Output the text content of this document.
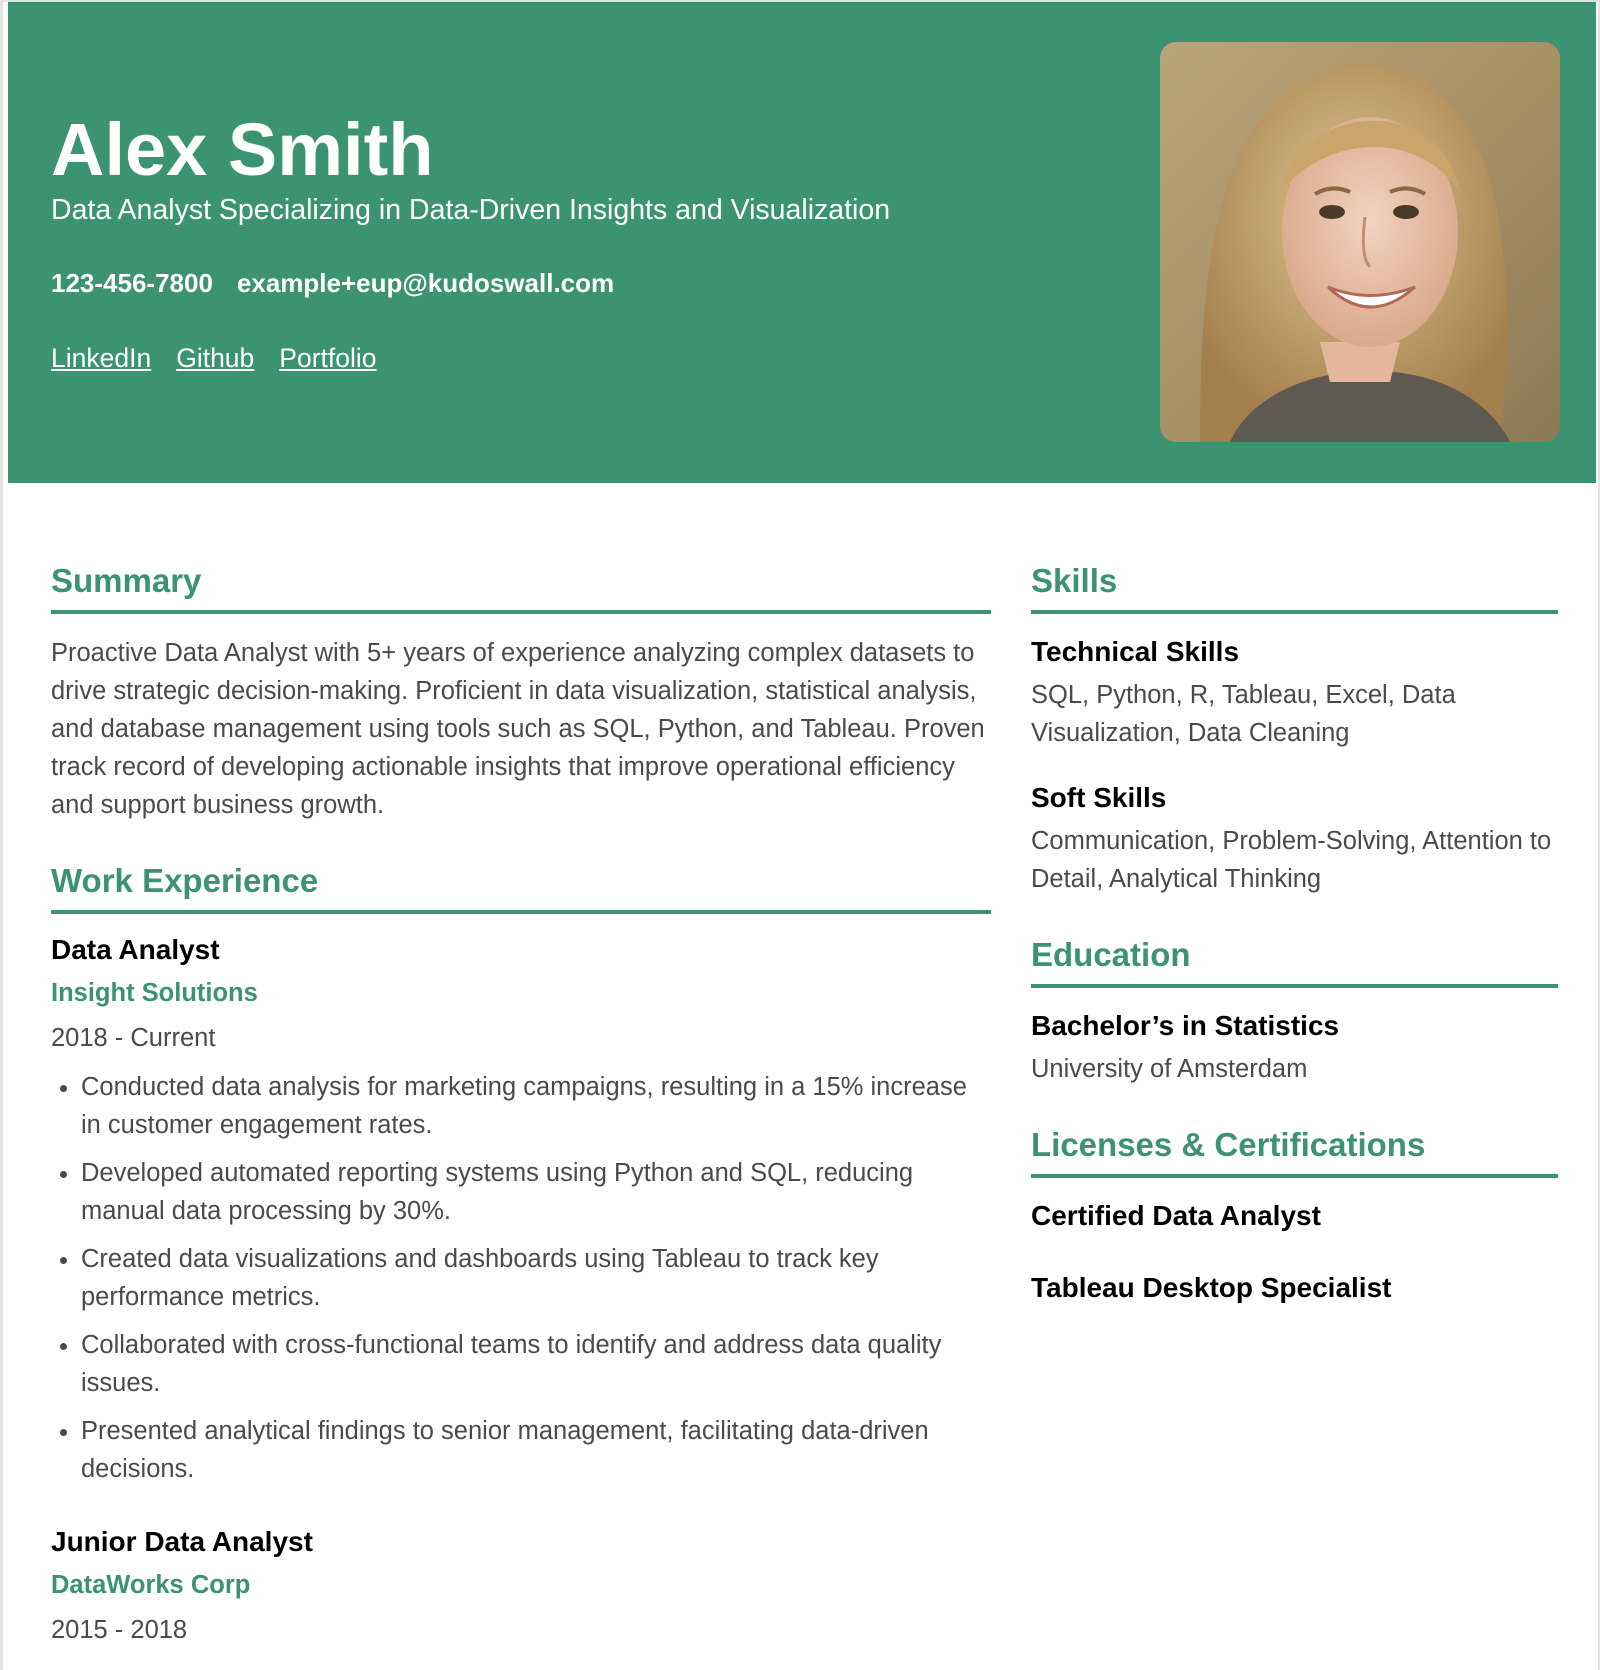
Alex Smith
Data Analyst Specializing in Data-Driven Insights and Visualization
123-456-7800 example+eup@kudoswall.com
LinkedIn Github Portfolio
Summary

Proactive Data Analyst with 5+ years of experience analyzing complex datasets to drive strategic decision-making. Proficient in data visualization, statistical analysis, and database management using tools such as SQL, Python, and Tableau. Proven track record of developing actionable insights that improve operational efficiency and support business growth.

Work Experience
Data Analyst
Insight Solutions
2018 - Current
• Conducted data analysis for marketing campaigns, resulting in a 15% increase in customer engagement rates.
• Developed automated reporting systems using Python and SQL, reducing manual data processing by 30%.
• Created data visualizations and dashboards using Tableau to track key performance metrics.
• Collaborated with cross-functional teams to identify and address data quality issues.
• Presented analytical findings to senior management, facilitating data-driven decisions.
Junior Data Analyst
DataWorks Corp
2015 - 2018
Skills
Technical Skills
SQL, Python, R, Tableau, Excel, Data Visualization, Data Cleaning
Soft Skills
Communication, Problem-Solving, Attention to Detail, Analytical Thinking
Education
Bachelor’s in Statistics
University of Amsterdam
Licenses & Certifications
Certified Data Analyst
Tableau Desktop Specialist
